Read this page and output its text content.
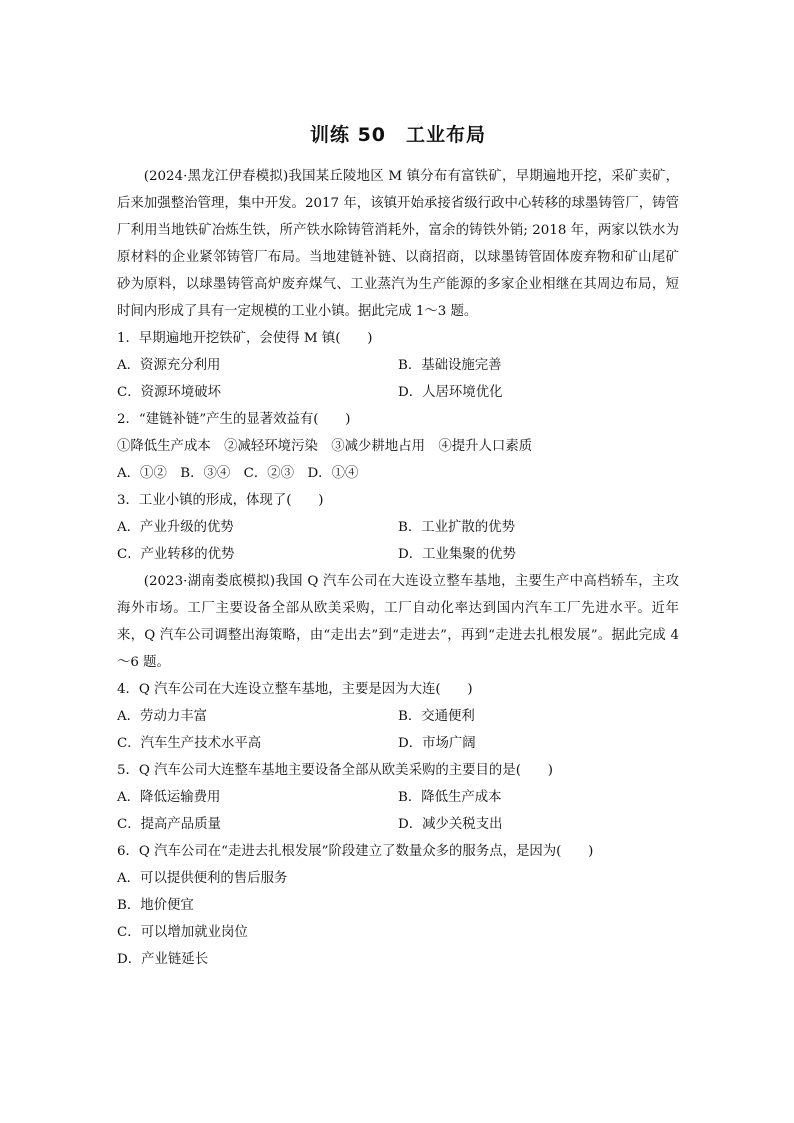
训练 50　工业布局

(2024·黑龙江伊春模拟)我国某丘陵地区 M 镇分布有富铁矿，早期遍地开挖，采矿卖矿，后来加强整治管理，集中开发。2017 年，该镇开始承接省级行政中心转移的球墨铸管厂，铸管厂利用当地铁矿冶炼生铁，所产铁水除铸管消耗外，富余的铸铁外销; 2018 年，两家以铁水为原材料的企业紧邻铸管厂布局。当地建链补链、以商招商，以球墨铸管固体废弃物和矿山尾矿砂为原料，以球墨铸管高炉废弃煤气、工业蒸汽为生产能源的多家企业相继在其周边布局，短时间内形成了具有一定规模的工业小镇。据此完成 1～3 题。

1．早期遍地开挖铁矿，会使得 M 镇(　　)
A．资源充分利用	B．基础设施完善
C．资源环境破坏	D．人居环境优化
2．“建链补链”产生的显著效益有(　　)
①降低生产成本　②减轻环境污染　③减少耕地占用　④提升人口素质
A．①②　B．③④　C．②③　D．①④
3．工业小镇的形成，体现了(　　)
A．产业升级的优势	B．工业扩散的优势
C．产业转移的优势	D．工业集聚的优势

(2023·湖南娄底模拟)我国 Q 汽车公司在大连设立整车基地，主要生产中高档轿车，主攻海外市场。工厂主要设备全部从欧美采购，工厂自动化率达到国内汽车工厂先进水平。近年来，Q 汽车公司调整出海策略，由“走出去”到“走进去”，再到“走进去扎根发展”。据此完成 4～6 题。

4．Q 汽车公司在大连设立整车基地，主要是因为大连(　　)
A．劳动力丰富	B．交通便利
C．汽车生产技术水平高	D．市场广阔
5．Q 汽车公司大连整车基地主要设备全部从欧美采购的主要目的是(　　)
A．降低运输费用	B．降低生产成本
C．提高产品质量	D．减少关税支出
6．Q 汽车公司在“走进去扎根发展”阶段建立了数量众多的服务点，是因为(　　)
A．可以提供便利的售后服务
B．地价便宜
C．可以增加就业岗位
D．产业链延长
